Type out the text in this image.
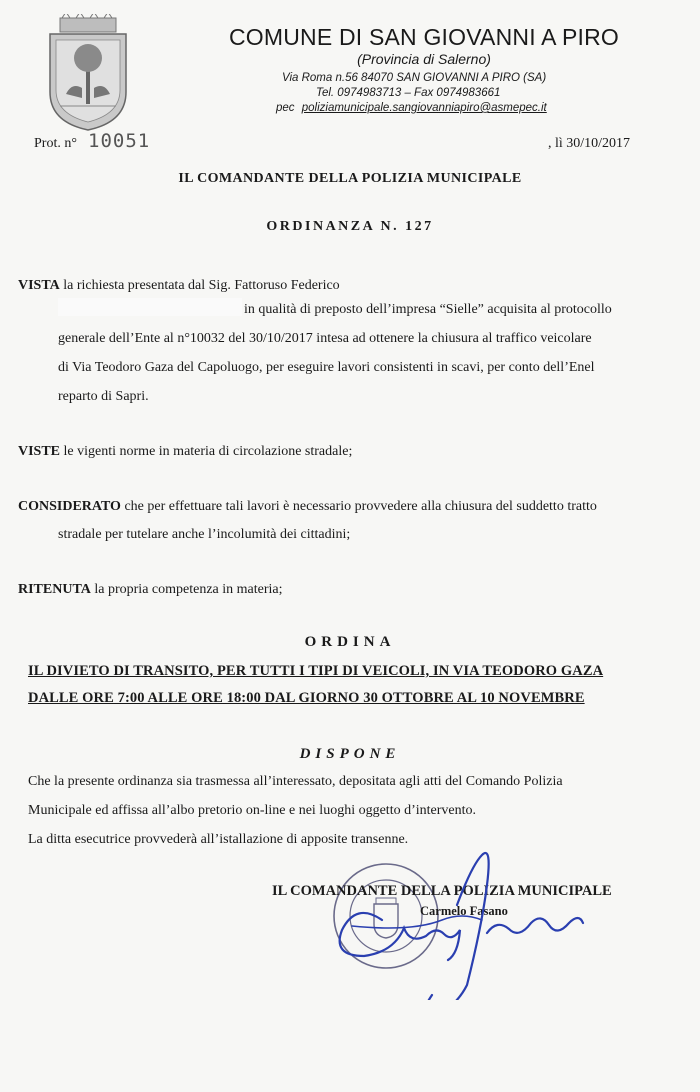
COMUNE DI SAN GIOVANNI A PIRO
(Provincia di Salerno)
Via Roma n.56 84070 SAN GIOVANNI A PIRO (SA)
Tel. 0974983713 – Fax 0974983661
pec poliziamunicipale.sangiovanniapiro@asmepec.it
Prot. n° 10051	, lì 30/10/2017
IL COMANDANTE DELLA POLIZIA MUNICIPALE
ORDINANZA N. 127
VISTA la richiesta presentata dal Sig. Fattoruso Federico
in qualità di preposto dell’impresa “Sielle” acquisita al protocollo
generale dell’Ente al n°10032 del 30/10/2017 intesa ad ottenere la chiusura al traffico veicolare
di Via Teodoro Gaza del Capoluogo, per eseguire lavori consistenti in scavi, per conto dell’Enel
reparto di Sapri.
VISTE le vigenti norme in materia di circolazione stradale;
CONSIDERATO che per effettuare tali lavori è necessario provvedere alla chiusura del suddetto tratto
stradale per tutelare anche l’incolumità dei cittadini;
RITENUTA la propria competenza in materia;
ORDINA
IL DIVIETO DI TRANSITO, PER TUTTI I TIPI DI VEICOLI, IN VIA TEODORO GAZA
DALLE ORE 7:00 ALLE ORE 18:00 DAL GIORNO 30 OTTOBRE AL 10 NOVEMBRE
DISPONE
Che la presente ordinanza sia trasmessa all’interessato, depositata agli atti del Comando Polizia
Municipale ed affissa all’albo pretorio on-line e nei luoghi oggetto d’intervento.
La ditta esecutrice provvederà all’istallazione di apposite transenne.
IL COMANDANTE DELLA POLIZIA MUNICIPALE
Carmelo Fasano
